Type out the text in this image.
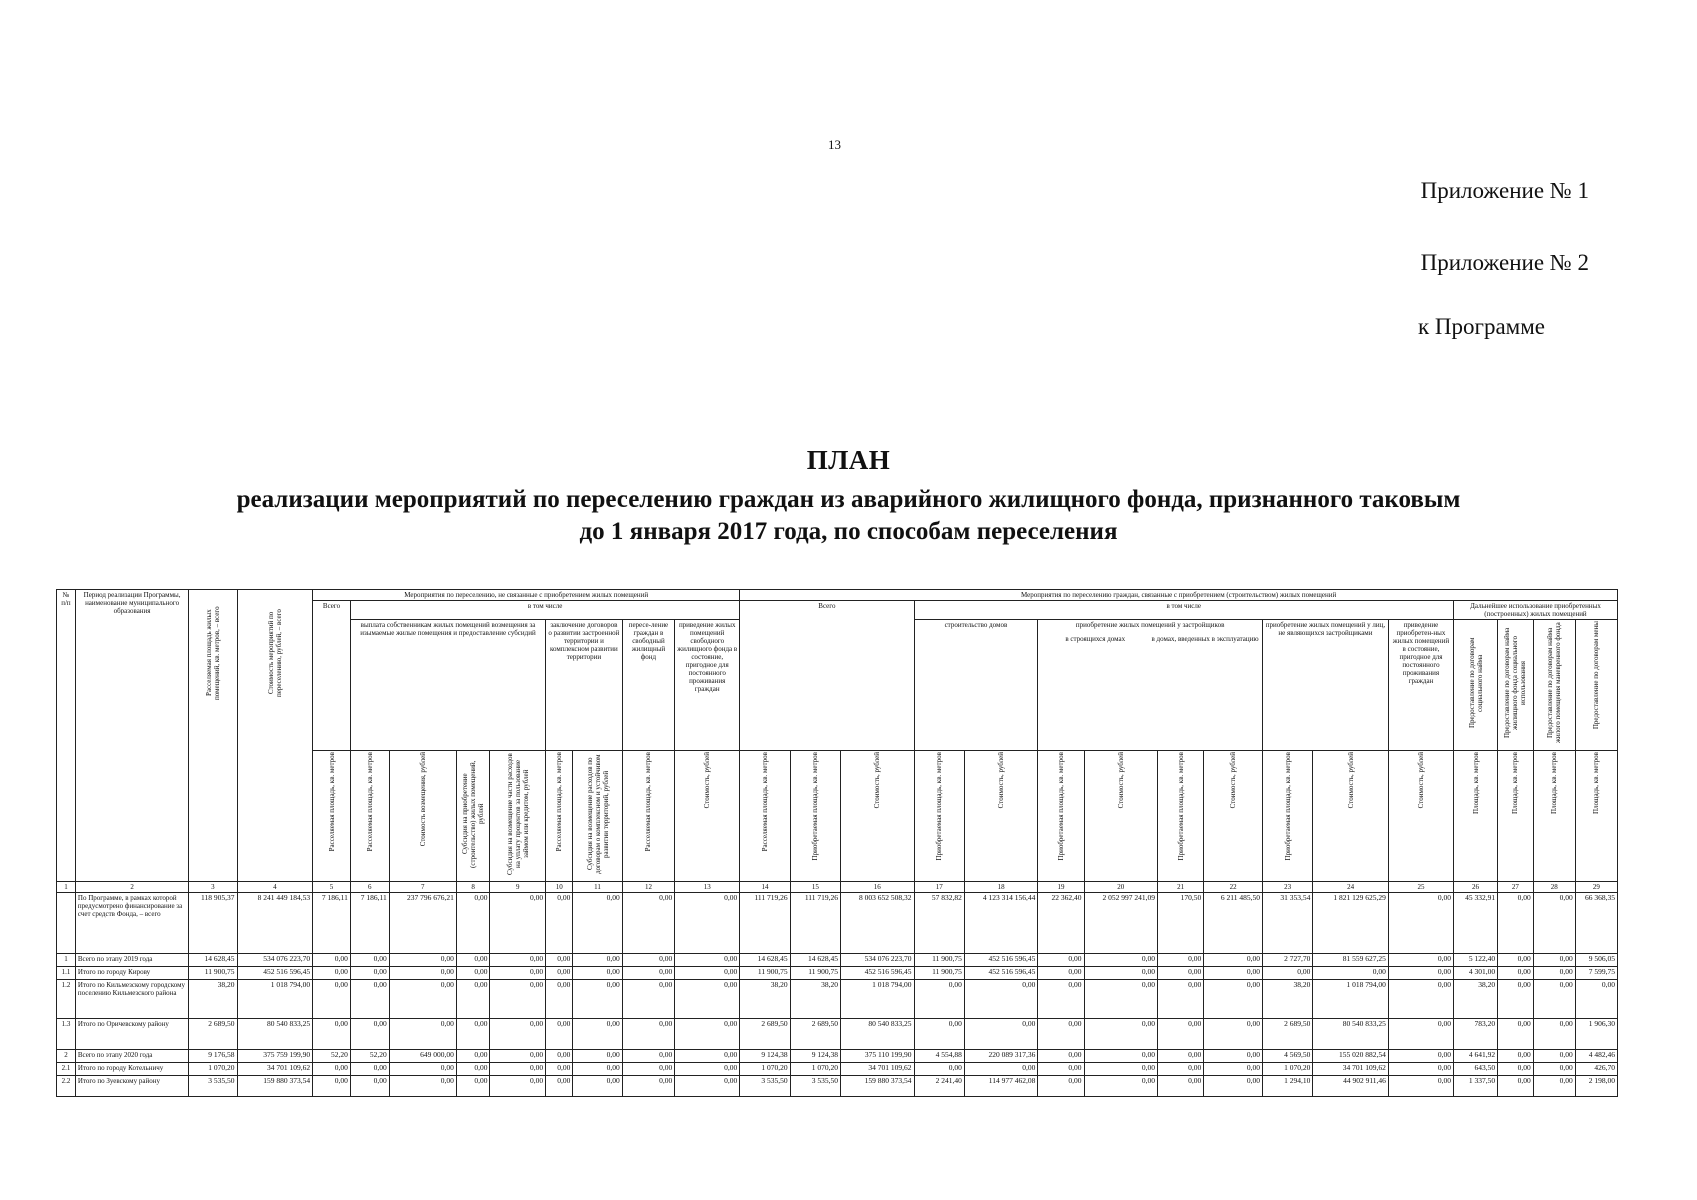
13
Приложение № 1
Приложение № 2
к Программе
ПЛАН
реализации мероприятий по переселению граждан из аварийного жилищного фонда, признанного таковым
до 1 января 2017 года, по способам переселения
№ п/п	Период реализации Программы, наименование муниципального образования	Расселяемая площадь жилых помещений, кв. метров, – всего	Стоимость мероприятий по переселению, рублей, – всего	Мероприятия по переселению, не связанные с приобретением жилых помещений									Мероприятия по переселению граждан, связанные с приобретением (строительством) жилых помещений															
				Всего	в том числе								Всего			в том числе									Дальнейшее использование приобретенных (построенных) жилых помещений			
					выплата собственникам жилых помещений возмещения за изымаемые жилые помещения и предоставление субсидий				заключение договоров о развитии застроенной территории и комплексном развитии территории		пересе-ление граждан в свободный жилищный фонд	приведение жилых помещений свободного жилищного фонда в состояние, пригодное для постоянного проживания граждан				строительство домов		приобретение жилых помещений у застройщиков
в строящихся домах в домах, введенных в эксплуатацию				приобретение жилых помещений у лиц, не являющихся застройщиками		приведение приобретен-ных жилых помещений в состояние, пригодное для постоянного проживания граждан	Предоставление по договорам социального найма	Предоставление по договорам найма жилищного фонда социального использования	Предоставление по договорам найма жилого помещения маневренного фонда	Предоставление по договорам мены
				Расселяемая площадь, кв. метров	Расселяемая площадь, кв. метров	Стоимость возмещения, рублей	Субсидия на приобретение (строительство) жилых помещений, рублей	Субсидия на возмещение части расходов на уплату процентов за пользование займом или кредитом, рублей	Расселяемая площадь, кв. метров	Субсидия на возмещение расходов по договорам о комплексном и устойчивом развитии территорий, рублей	Расселяемая площадь, кв. метров	Стоимость, рублей	Расселяемая площадь, кв. метров	Приобретаемая площадь, кв. метров	Стоимость, рублей	Приобретаемая площадь, кв. метров	Стоимость, рублей	Приобретаемая площадь, кв. метров	Стоимость, рублей	Приобретаемая площадь, кв. метров	Стоимость, рублей	Приобретаемая площадь, кв. метров	Стоимость, рублей	Стоимость, рублей	Площадь, кв. метров	Площадь, кв. метров	Площадь, кв. метров	Площадь, кв. метров
1	2	3	4	5	6	7	8	9	10	11	12	13	14	15	16	17	18	19	20	21	22	23	24	25	26	27	28	29
	По Программе, в рамках которой предусмотрено финансирование за счет средств Фонда, – всего	118 905,37	8 241 449 184,53	7 186,11	7 186,11	237 796 676,21	0,00	0,00	0,00	0,00	0,00	0,00	111 719,26	111 719,26	8 003 652 508,32	57 832,82	4 123 314 156,44	22 362,40	2 052 997 241,09	170,50	6 211 485,50	31 353,54	1 821 129 625,29	0,00	45 332,91	0,00	0,00	66 368,35
1	Всего по этапу 2019 года	14 628,45	534 076 223,70	0,00	0,00	0,00	0,00	0,00	0,00	0,00	0,00	0,00	14 628,45	14 628,45	534 076 223,70	11 900,75	452 516 596,45	0,00	0,00	0,00	0,00	2 727,70	81 559 627,25	0,00	5 122,40	0,00	0,00	9 506,05
1.1	Итого по городу Кирову	11 900,75	452 516 596,45	0,00	0,00	0,00	0,00	0,00	0,00	0,00	0,00	0,00	11 900,75	11 900,75	452 516 596,45	11 900,75	452 516 596,45	0,00	0,00	0,00	0,00	0,00	0,00	0,00	4 301,00	0,00	0,00	7 599,75
1.2	Итого по Кильмезскому городскому поселению Кильмезского района	38,20	1 018 794,00	0,00	0,00	0,00	0,00	0,00	0,00	0,00	0,00	0,00	38,20	38,20	1 018 794,00	0,00	0,00	0,00	0,00	0,00	0,00	38,20	1 018 794,00	0,00	38,20	0,00	0,00	0,00
1.3	Итого по Оричевскому району	2 689,50	80 540 833,25	0,00	0,00	0,00	0,00	0,00	0,00	0,00	0,00	0,00	2 689,50	2 689,50	80 540 833,25	0,00	0,00	0,00	0,00	0,00	0,00	2 689,50	80 540 833,25	0,00	783,20	0,00	0,00	1 906,30
2	Всего по этапу 2020 года	9 176,58	375 759 199,90	52,20	52,20	649 000,00	0,00	0,00	0,00	0,00	0,00	0,00	9 124,38	9 124,38	375 110 199,90	4 554,88	220 089 317,36	0,00	0,00	0,00	0,00	4 569,50	155 020 882,54	0,00	4 641,92	0,00	0,00	4 482,46
2.1	Итого по городу Котельничу	1 070,20	34 701 109,62	0,00	0,00	0,00	0,00	0,00	0,00	0,00	0,00	0,00	1 070,20	1 070,20	34 701 109,62	0,00	0,00	0,00	0,00	0,00	0,00	1 070,20	34 701 109,62	0,00	643,50	0,00	0,00	426,70
2.2	Итого по Зуевскому району	3 535,50	159 880 373,54	0,00	0,00	0,00	0,00	0,00	0,00	0,00	0,00	0,00	3 535,50	3 535,50	159 880 373,54	2 241,40	114 977 462,08	0,00	0,00	0,00	0,00	1 294,10	44 902 911,46	0,00	1 337,50	0,00	0,00	2 198,00
